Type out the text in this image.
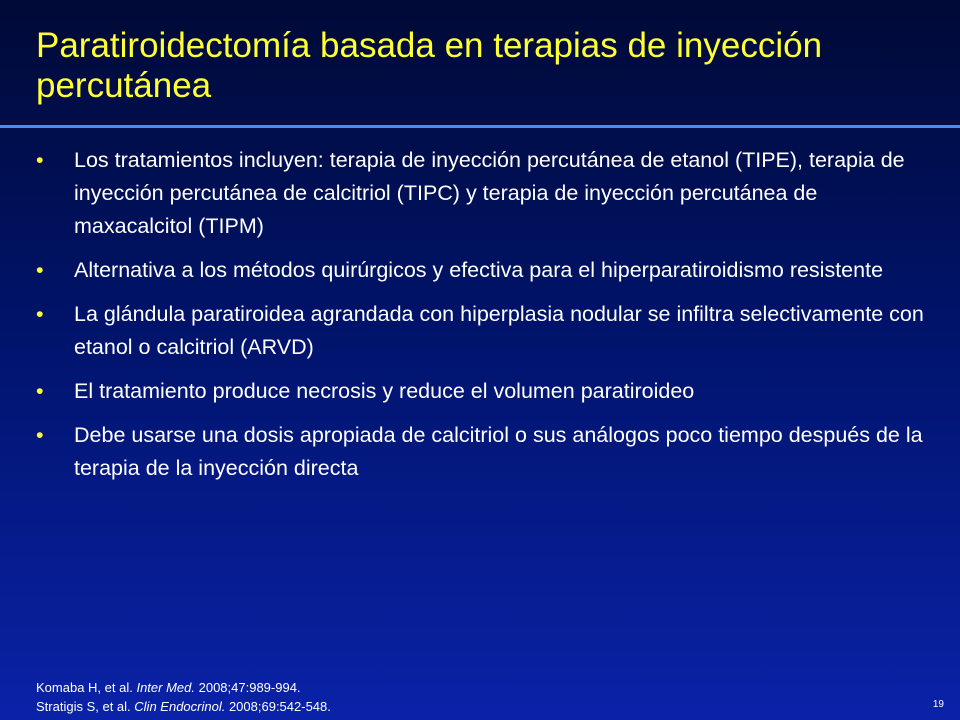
Paratiroidectomía basada en terapias de inyección percutánea
• Los tratamientos incluyen: terapia de inyección percutánea de etanol (TIPE), terapia de inyección percutánea de calcitriol (TIPC) y terapia de inyección percutánea de maxacalcitol (TIPM)
• Alternativa a los métodos quirúrgicos y efectiva para el hiperparatiroidismo resistente
• La glándula paratiroidea agrandada con hiperplasia nodular se infiltra selectivamente con etanol o calcitriol (ARVD)
• El tratamiento produce necrosis y reduce el volumen paratiroideo
• Debe usarse una dosis apropiada de calcitriol o sus análogos poco tiempo después de la terapia de la inyección directa
Komaba H, et al. Inter Med. 2008;47:989-994.
Stratigis S, et al. Clin Endocrinol. 2008;69:542-548.	19
